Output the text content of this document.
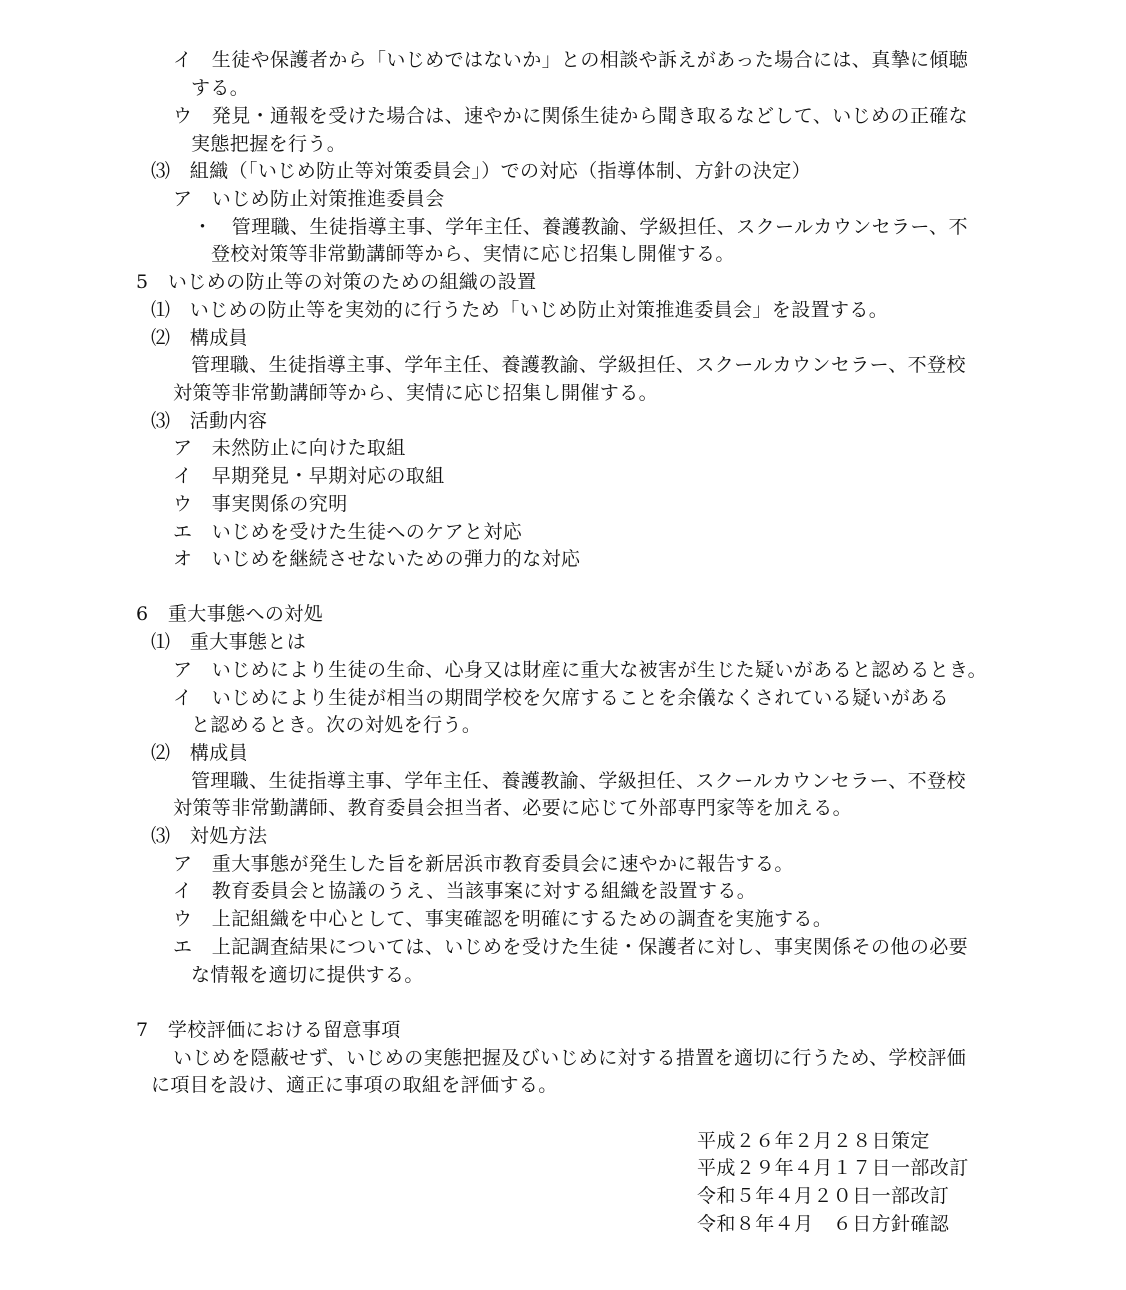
イ　生徒や保護者から「いじめではないか」との相談や訴えがあった場合には、真摯に傾聴
する。
ウ　発見・通報を受けた場合は、速やかに関係生徒から聞き取るなどして、いじめの正確な
実態把握を行う。
⑶　組織（「いじめ防止等対策委員会」）での対応（指導体制、方針の決定）
ア　いじめ防止対策推進委員会
・　管理職、生徒指導主事、学年主任、養護教諭、学級担任、スクールカウンセラー、不
登校対策等非常勤講師等から、実情に応じ招集し開催する。
5　いじめの防止等の対策のための組織の設置
⑴　いじめの防止等を実効的に行うため「いじめ防止対策推進委員会」を設置する。
⑵　構成員
管理職、生徒指導主事、学年主任、養護教諭、学級担任、スクールカウンセラー、不登校
対策等非常勤講師等から、実情に応じ招集し開催する。
⑶　活動内容
ア　未然防止に向けた取組
イ　早期発見・早期対応の取組
ウ　事実関係の究明
エ　いじめを受けた生徒へのケアと対応
オ　いじめを継続させないための弾力的な対応
6　重大事態への対処
⑴　重大事態とは
ア　いじめにより生徒の生命、心身又は財産に重大な被害が生じた疑いがあると認めるとき。
イ　いじめにより生徒が相当の期間学校を欠席することを余儀なくされている疑いがある
と認めるとき。次の対処を行う。
⑵　構成員
管理職、生徒指導主事、学年主任、養護教諭、学級担任、スクールカウンセラー、不登校
対策等非常勤講師、教育委員会担当者、必要に応じて外部専門家等を加える。
⑶　対処方法
ア　重大事態が発生した旨を新居浜市教育委員会に速やかに報告する。
イ　教育委員会と協議のうえ、当該事案に対する組織を設置する。
ウ　上記組織を中心として、事実確認を明確にするための調査を実施する。
エ　上記調査結果については、いじめを受けた生徒・保護者に対し、事実関係その他の必要
な情報を適切に提供する。
7　学校評価における留意事項
いじめを隠蔽せず、いじめの実態把握及びいじめに対する措置を適切に行うため、学校評価
に項目を設け、適正に事項の取組を評価する。
平成２６年２月２８日策定
平成２９年４月１７日一部改訂
令和５年４月２０日一部改訂
令和８年４月　６日方針確認
